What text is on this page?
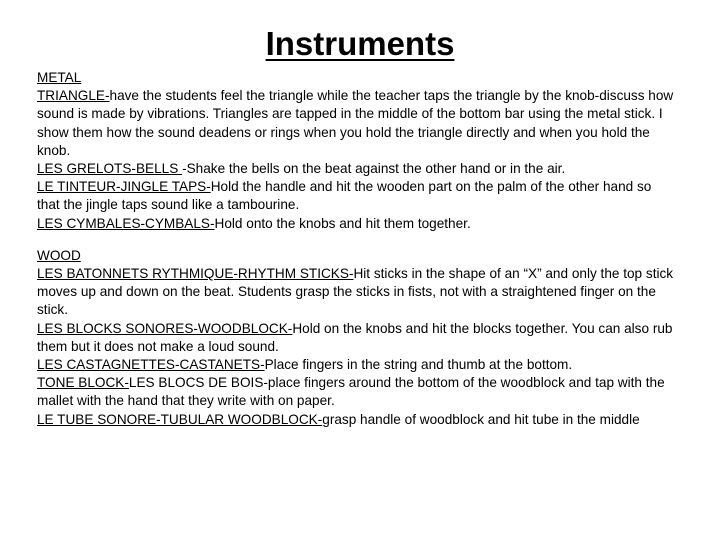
Instruments

METAL

TRIANGLE-have the students feel the triangle while the teacher taps the triangle by the knob-discuss how sound is made by vibrations. Triangles are tapped in the middle of the bottom bar using the metal stick. I show them how the sound deadens or rings when you hold the triangle directly and when you hold the knob.

LES GRELOTS-BELLS -Shake the bells on the beat against the other hand or in the air.

LE TINTEUR-JINGLE TAPS-Hold the handle and hit the wooden part on the palm of the other hand so that the jingle taps sound like a tambourine.

LES CYMBALES-CYMBALS-Hold onto the knobs and hit them together.

WOOD

LES BATONNETS RYTHMIQUE-RHYTHM STICKS-Hit sticks in the shape of an “X” and only the top stick moves up and down on the beat. Students grasp the sticks in fists, not with a straightened finger on the stick.

LES BLOCKS SONORES-WOODBLOCK-Hold on the knobs and hit the blocks together. You can also rub them but it does not make a loud sound.

LES CASTAGNETTES-CASTANETS-Place fingers in the string and thumb at the bottom.

TONE BLOCK-LES BLOCS DE BOIS-place fingers around the bottom of the woodblock and tap with the mallet with the hand that they write with on paper.

LE TUBE SONORE-TUBULAR WOODBLOCK-grasp handle of woodblock and hit tube in the middle
